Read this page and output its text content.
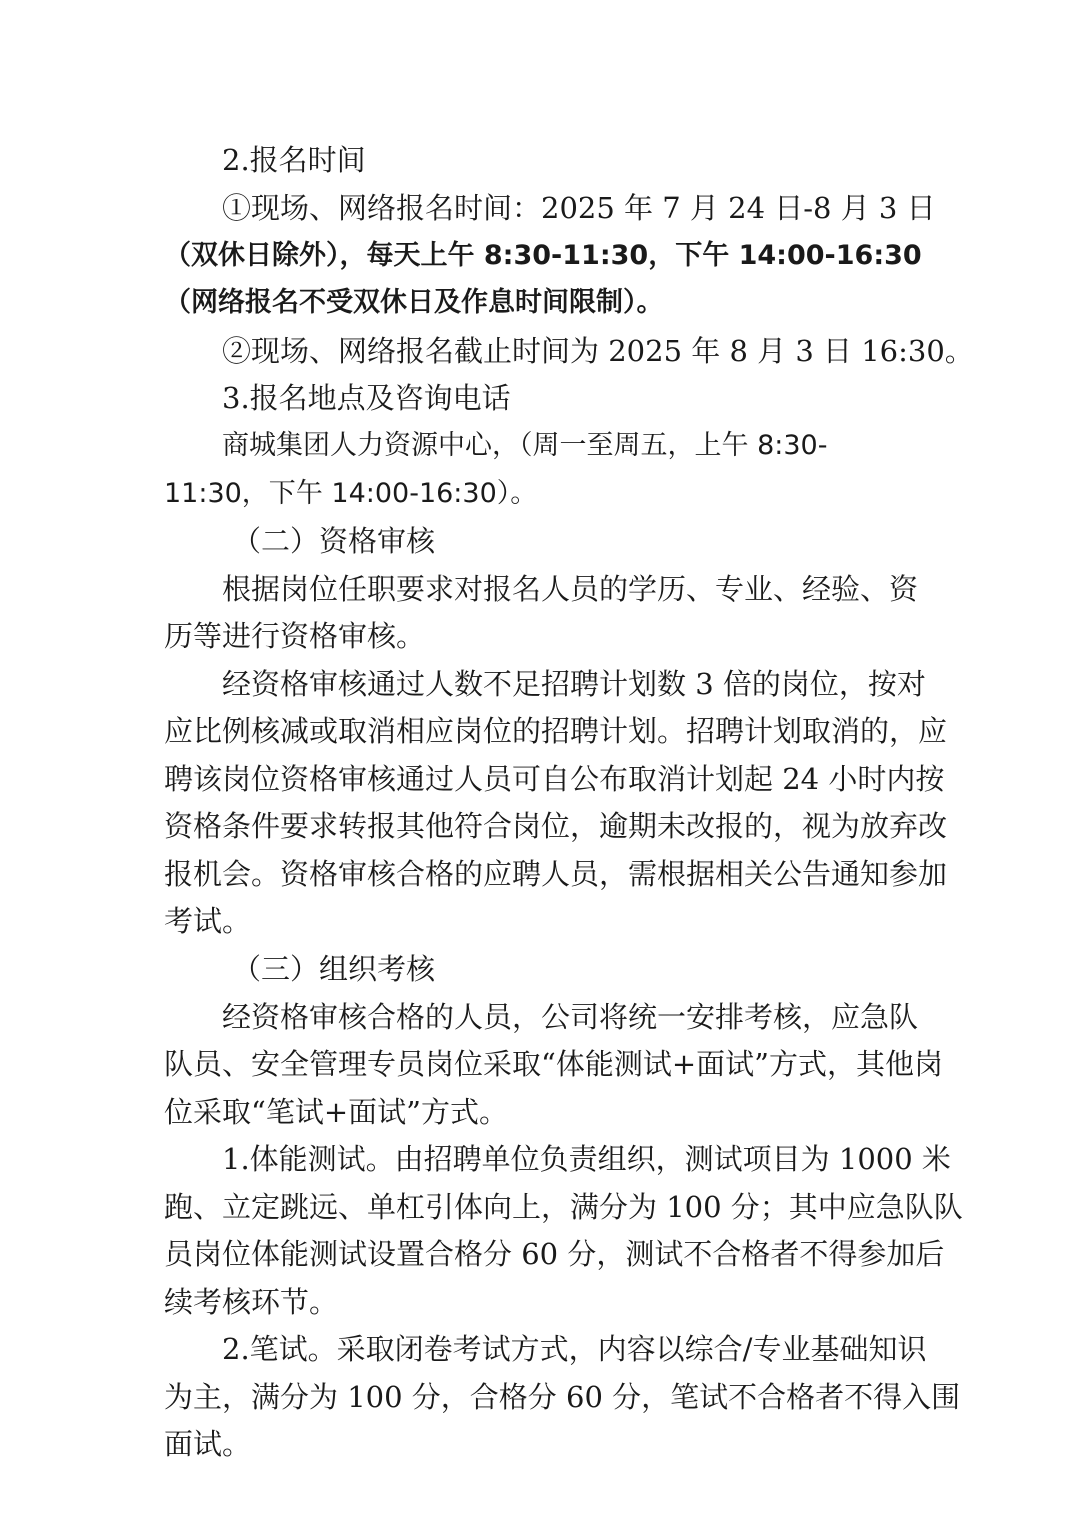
2.报名时间
①现场、网络报名时间：2025 年 7 月 24 日-8 月 3 日
（双休日除外），每天上午 8:30-11:30，下午 14:00-16:30
（网络报名不受双休日及作息时间限制）。
②现场、网络报名截止时间为 2025 年 8 月 3 日 16:30。
3.报名地点及咨询电话
商城集团人力资源中心，（周一至周五，上午 8:30-
11:30，下午 14:00-16:30）。
（二）资格审核
根据岗位任职要求对报名人员的学历、专业、经验、资
历等进行资格审核。
经资格审核通过人数不足招聘计划数 3 倍的岗位，按对
应比例核减或取消相应岗位的招聘计划。招聘计划取消的，应
聘该岗位资格审核通过人员可自公布取消计划起 24 小时内按
资格条件要求转报其他符合岗位，逾期未改报的，视为放弃改
报机会。资格审核合格的应聘人员，需根据相关公告通知参加
考试。
（三）组织考核
经资格审核合格的人员，公司将统一安排考核，应急队
队员、安全管理专员岗位采取“体能测试+面试”方式，其他岗
位采取“笔试+面试”方式。
1.体能测试。由招聘单位负责组织，测试项目为 1000 米
跑、立定跳远、单杠引体向上，满分为 100 分；其中应急队队
员岗位体能测试设置合格分 60 分，测试不合格者不得参加后
续考核环节。
2.笔试。采取闭卷考试方式，内容以综合/专业基础知识
为主，满分为 100 分，合格分 60 分，笔试不合格者不得入围
面试。
